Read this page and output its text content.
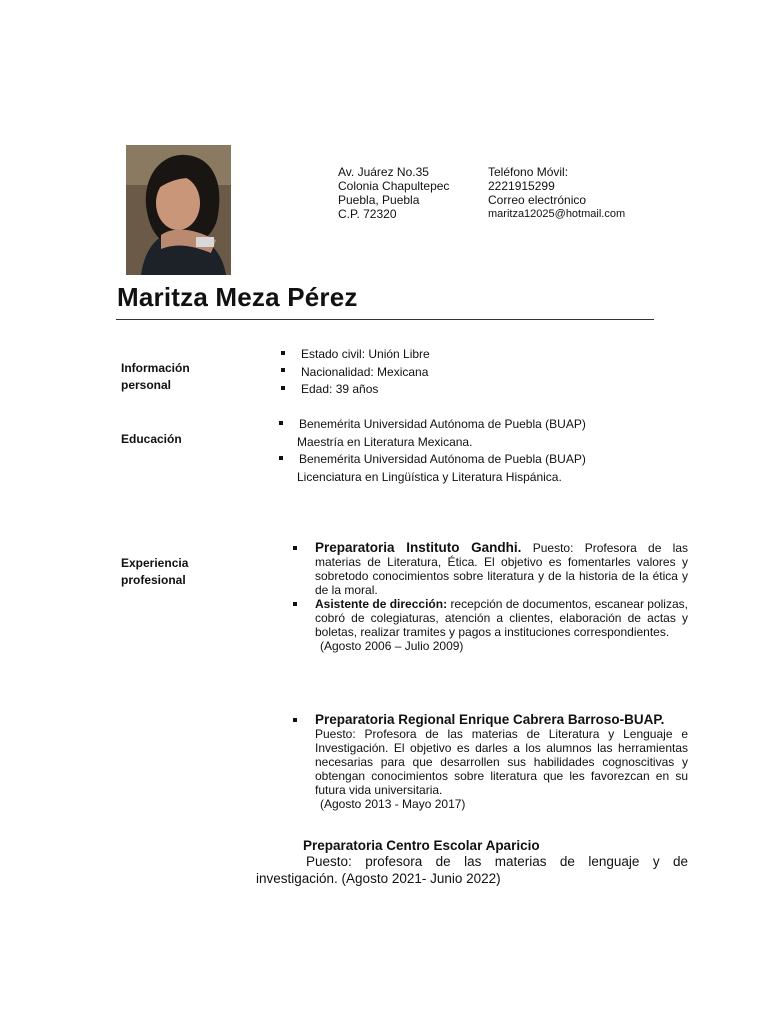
Av. Juárez No.35
Colonia Chapultepec
Puebla, Puebla
C.P. 72320
Teléfono Móvil:
2221915299
Correo electrónico
maritza12025@hotmail.com
Maritza Meza Pérez
Información
personal
Estado civil: Unión Libre
Nacionalidad: Mexicana
Edad: 39 años
Educación
Benemérita Universidad Autónoma de Puebla (BUAP)
Maestría en Literatura Mexicana.
Benemérita Universidad Autónoma de Puebla (BUAP)
Licenciatura en Lingüística y Literatura Hispánica.
Experiencia
profesional
Preparatoria Instituto Gandhi. Puesto: Profesora de las materias de Literatura, Ética. El objetivo es fomentarles valores y sobretodo conocimientos sobre literatura y de la historia de la ética y de la moral.
Asistente de dirección: recepción de documentos, escanear polizas, cobró de colegiaturas, atención a clientes, elaboración de actas y boletas, realizar tramites y pagos a instituciones correspondientes.
(Agosto 2006 – Julio 2009)
Preparatoria Regional Enrique Cabrera Barroso-BUAP.
Puesto: Profesora de las materias de Literatura y Lenguaje e Investigación. El objetivo es darles a los alumnos las herramientas necesarias para que desarrollen sus habilidades cognoscitivas y obtengan conocimientos sobre literatura que les favorezcan en su futura vida universitaria.
(Agosto 2013 - Mayo 2017)
Preparatoria Centro Escolar Aparicio
Puesto: profesora de las materias de lenguaje y de
investigación. (Agosto 2021- Junio 2022)
